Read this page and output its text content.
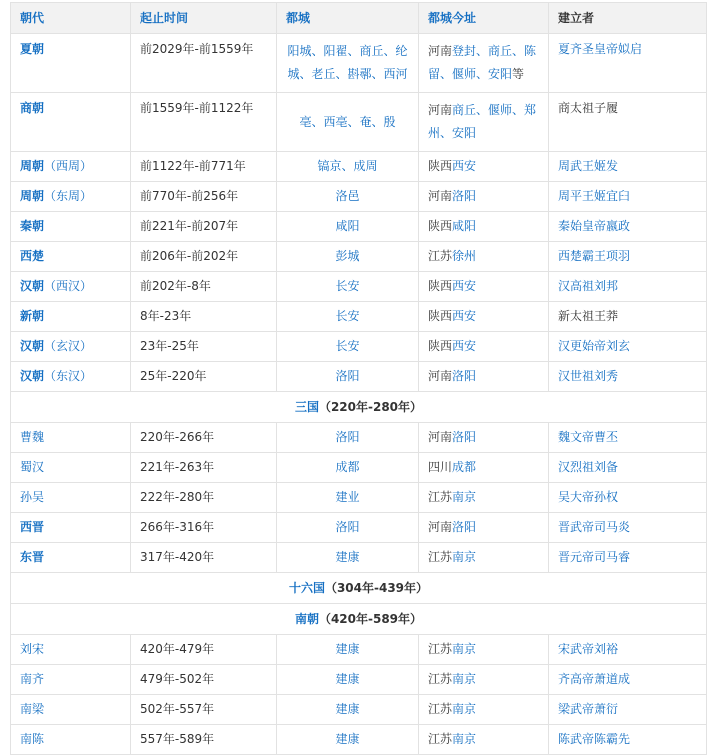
朝代	起止时间	都城	都城今址	建立者
夏朝	前2029年-前1559年	阳城、阳翟、商丘、纶城、老丘、斟鄩、西河	河南登封、商丘、陈留、偃师、安阳等	夏齐圣皇帝姒启
商朝	前1559年-前1122年	亳、西亳、奄、殷	河南商丘、偃师、郑州、安阳	商太祖子履
周朝（西周）	前1122年-前771年	镐京、成周	陕西西安	周武王姬发
周朝（东周）	前770年-前256年	洛邑	河南洛阳	周平王姬宜臼
秦朝	前221年-前207年	咸阳	陕西咸阳	秦始皇帝嬴政
西楚	前206年-前202年	彭城	江苏徐州	西楚霸王项羽
汉朝（西汉）	前202年-8年	长安	陕西西安	汉高祖刘邦
新朝	8年-23年	长安	陕西西安	新太祖王莽
汉朝（玄汉）	23年-25年	长安	陕西西安	汉更始帝刘玄
汉朝（东汉）	25年-220年	洛阳	河南洛阳	汉世祖刘秀
三国（220年-280年）				
曹魏	220年-266年	洛阳	河南洛阳	魏文帝曹丕
蜀汉	221年-263年	成都	四川成都	汉烈祖刘备
孙吴	222年-280年	建业	江苏南京	吴大帝孙权
西晋	266年-316年	洛阳	河南洛阳	晋武帝司马炎
东晋	317年-420年	建康	江苏南京	晋元帝司马睿
十六国（304年-439年）				
南朝（420年-589年）				
刘宋	420年-479年	建康	江苏南京	宋武帝刘裕
南齐	479年-502年	建康	江苏南京	齐高帝萧道成
南梁	502年-557年	建康	江苏南京	梁武帝萧衍
南陈	557年-589年	建康	江苏南京	陈武帝陈霸先
